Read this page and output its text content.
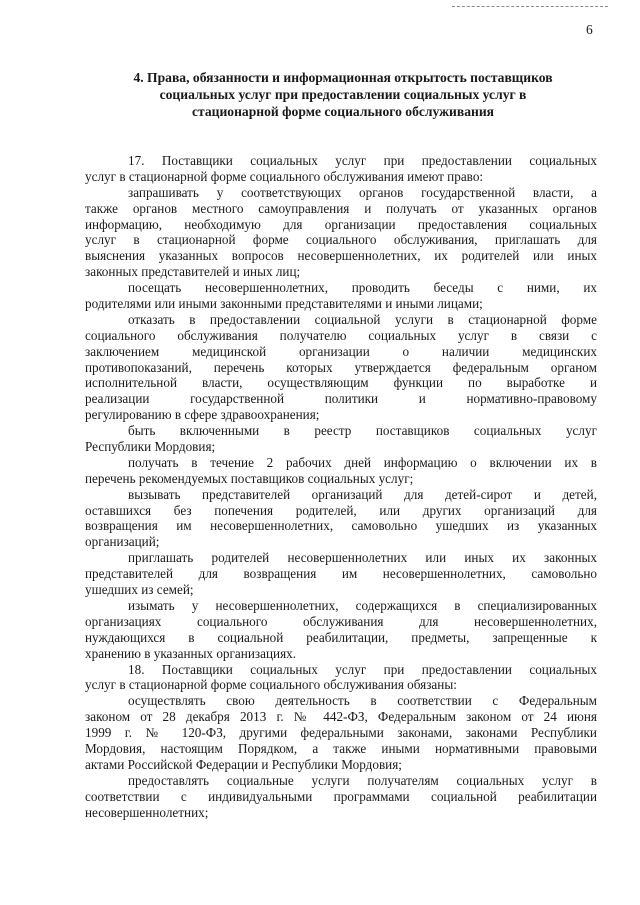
6
4. Права, обязанности и информационная открытость поставщиков
социальных услуг при предоставлении социальных услуг в
стационарной форме социального обслуживания
17. Поставщики социальных услуг при предоставлении социальных
услуг в стационарной форме социального обслуживания имеют право:
запрашивать у соответствующих органов государственной власти, а
также органов местного самоуправления и получать от указанных органов
информацию, необходимую для организации предоставления социальных
услуг в стационарной форме социального обслуживания, приглашать для
выяснения указанных вопросов несовершеннолетних, их родителей или иных
законных представителей и иных лиц;
посещать несовершеннолетних, проводить беседы с ними, их
родителями или иными законными представителями и иными лицами;
отказать в предоставлении социальной услуги в стационарной форме
социального обслуживания получателю социальных услуг в связи с
заключением медицинской организации о наличии медицинских
противопоказаний, перечень которых утверждается федеральным органом
исполнительной власти, осуществляющим функции по выработке и
реализации государственной политики и нормативно-правовому
регулированию в сфере здравоохранения;
быть включенными в реестр поставщиков социальных услуг
Республики Мордовия;
получать в течение 2 рабочих дней информацию о включении их в
перечень рекомендуемых поставщиков социальных услуг;
вызывать представителей организаций для детей-сирот и детей,
оставшихся без попечения родителей, или других организаций для
возвращения им несовершеннолетних, самовольно ушедших из указанных
организаций;
приглашать родителей несовершеннолетних или иных их законных
представителей для возвращения им несовершеннолетних, самовольно
ушедших из семей;
изымать у несовершеннолетних, содержащихся в специализированных
организациях социального обслуживания для несовершеннолетних,
нуждающихся в социальной реабилитации, предметы, запрещенные к
хранению в указанных организациях.
18. Поставщики социальных услуг при предоставлении социальных
услуг в стационарной форме социального обслуживания обязаны:
осуществлять свою деятельность в соответствии с Федеральным
законом от 28 декабря 2013 г. № 442-ФЗ, Федеральным законом от 24 июня
1999 г. № 120-ФЗ, другими федеральными законами, законами Республики
Мордовия, настоящим Порядком, а также иными нормативными правовыми
актами Российской Федерации и Республики Мордовия;
предоставлять социальные услуги получателям социальных услуг в
соответствии с индивидуальными программами социальной реабилитации
несовершеннолетних;
